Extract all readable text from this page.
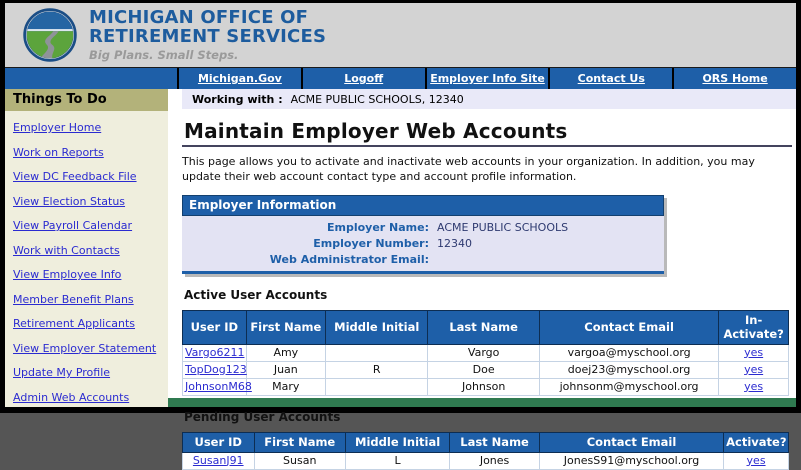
MICHIGAN OFFICE OF
RETIREMENT SERVICES
Big Plans. Small Steps.
Michigan.Gov	Logoff	Employer Info Site	Contact Us	ORS Home
Things To Do
Employer Home
Work on Reports
View DC Feedback File
View Election Status
View Payroll Calendar
Work with Contacts
View Employee Info
Member Benefit Plans
Retirement Applicants
View Employer Statement
Update My Profile
Admin Web Accounts
Working with : ACME PUBLIC SCHOOLS, 12340
Maintain Employer Web Accounts
This page allows you to activate and inactivate web accounts in your organization. In addition, you may update their web account contact type and account profile information.
Employer Information
Employer Name: ACME PUBLIC SCHOOLS
Employer Number: 12340
Web Administrator Email:
Active User Accounts
User ID	First Name	Middle Initial	Last Name	Contact Email	In-Activate?
Vargo6211	Amy		Vargo	vargoa@myschool.org	yes
TopDog123	Juan	R	Doe	doej23@myschool.org	yes
JohnsonM68	Mary		Johnson	johnsonm@myschool.org	yes
Pending User Accounts
User ID	First Name	Middle Initial	Last Name	Contact Email	Activate?
SusanJ91	Susan	L	Jones	JonesS91@myschool.org	yes
